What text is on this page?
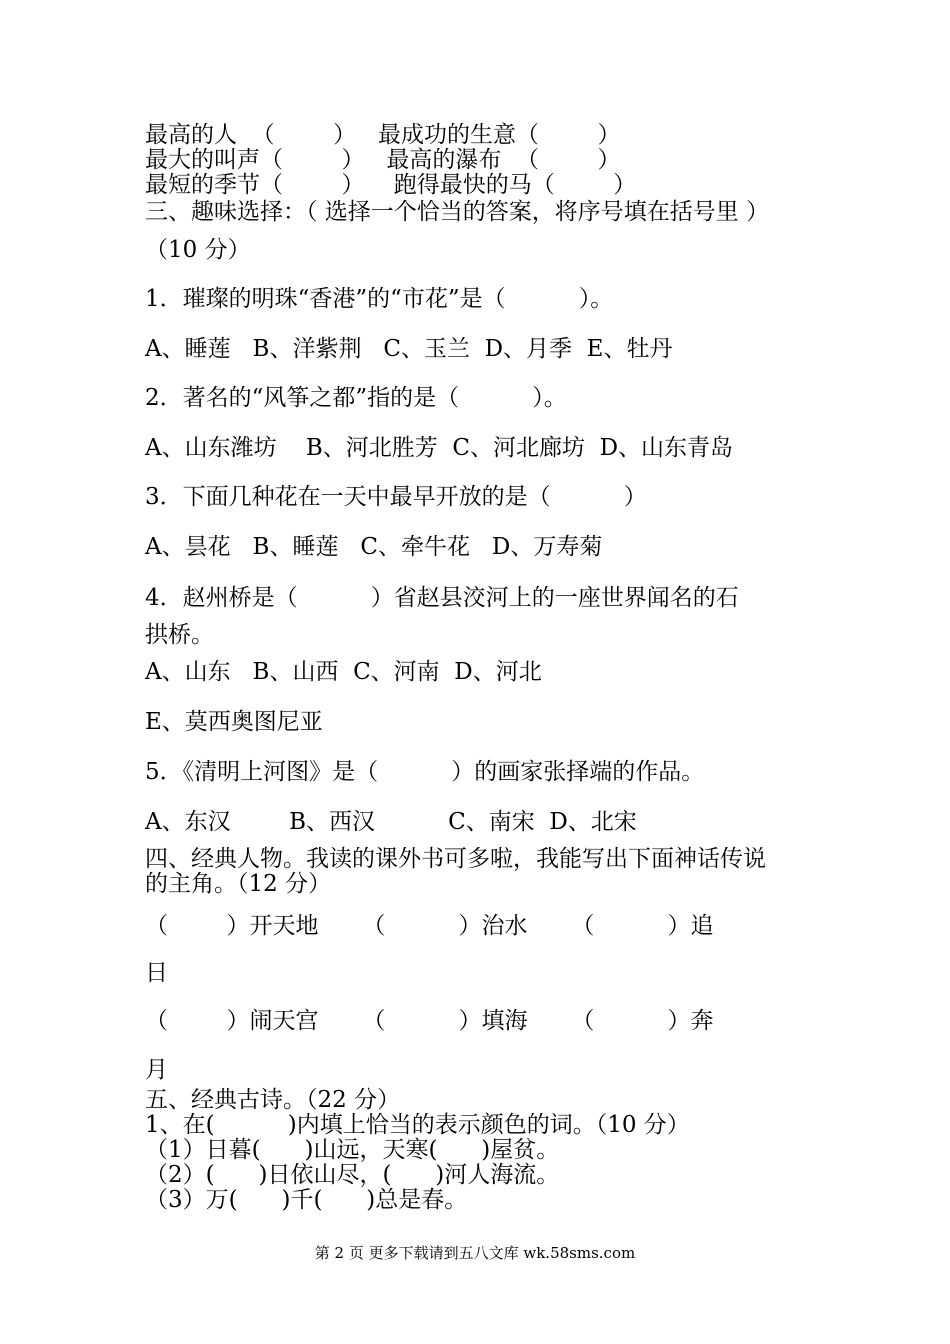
最高的人  （        ）   最成功的生意（        ）
最大的叫声（        ）   最高的瀑布  （        ）
最短的季节（        ）    跑得最快的马（        ）
三、趣味选择：（ 选择一个恰当的答案，将序号填在括号里 ）
（10 分）
1．璀璨的明珠“香港”的“市花”是（          ）。
A、睡莲   B、洋紫荆   C、玉兰  D、月季  E、牡丹
2．著名的“风筝之都”指的是（          ）。
A、山东潍坊    B、河北胜芳  C、河北廊坊  D、山东青岛
3．下面几种花在一天中最早开放的是（          ）
A、昙花   B、睡莲   C、牵牛花   D、万寿菊
4．赵州桥是（          ）省赵县洨河上的一座世界闻名的石
拱桥。
A、山东   B、山西  C、河南  D、河北
E、莫西奥图尼亚
5．《清明上河图》是（          ）的画家张择端的作品。
A、东汉        B、西汉          C、南宋  D、北宋
四、经典人物。我读的课外书可多啦，我能写出下面神话传说
的主角。（12 分）
（        ）开天地      （          ）治水      （          ）追
日
（        ）闹天宫      （          ）填海      （          ）奔
月
五、经典古诗。（22 分）
1、在(          )内填上恰当的表示颜色的词。（10 分）
（1）日暮(      )山远，天寒(      )屋贫。
（2）(      )日依山尽，(      )河人海流。
（3）万(      )千(      )总是春。
第 2 页 更多下载请到五八文库 wk.58sms.com
